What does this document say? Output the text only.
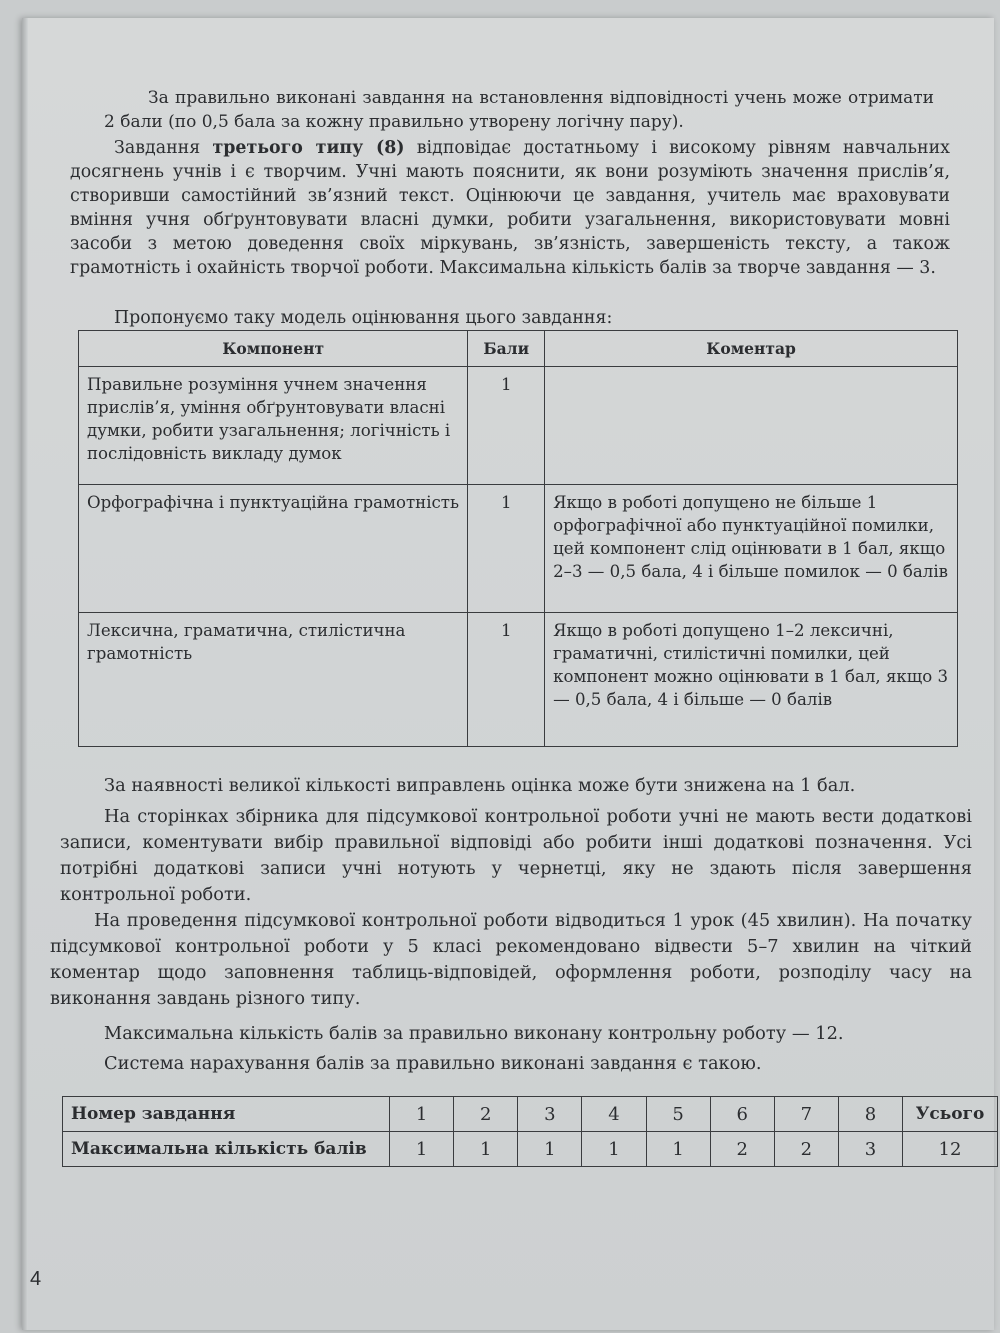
За правильно виконані завдання на встановлення відповідності учень може отримати 2 бали (по 0,5 бала за кожну правильно утворену логічну пару).

Завдання третього типу (8) відповідає достатньому і високому рівням навчальних досягнень учнів і є творчим. Учні мають пояснити, як вони розуміють значення прислів’я, створивши самостійний зв’язний текст. Оцінюючи це завдання, учитель має враховувати вміння учня обґрунтовувати власні думки, робити узагальнення, використовувати мовні засоби з метою доведення своїх міркувань, зв’язність, завершеність тексту, а також грамотність і охайність творчої роботи. Максимальна кількість балів за творче завдання — 3.

Пропонуємо таку модель оцінювання цього завдання:

Компонент	Бали	Коментар
Правильне розуміння учнем значення прислів’я, уміння обґрунтовувати власні думки, робити узагальнення; логічність і послідовність викладу думок	1	
Орфографічна і пунктуаційна грамотність	1	Якщо в роботі допущено не більше 1 орфографічної або пунктуаційної помилки, цей компонент слід оцінювати в 1 бал, якщо 2–3 — 0,5 бала, 4 і більше помилок — 0 балів
Лексична, граматична, стилістична грамотність	1	Якщо в роботі допущено 1–2 лексичні, граматичні, стилістичні помилки, цей компонент можно оцінювати в 1 бал, якщо 3 — 0,5 бала, 4 і більше — 0 балів

За наявності великої кількості виправлень оцінка може бути знижена на 1 бал.

На сторінках збірника для підсумкової контрольної роботи учні не мають вести додаткові записи, коментувати вибір правильної відповіді або робити інші додаткові позначення. Усі потрібні додаткові записи учні нотують у чернетці, яку не здають після завершення контрольної роботи.

На проведення підсумкової контрольної роботи відводиться 1 урок (45 хвилин). На початку підсумкової контрольної роботи у 5 класі рекомендовано відвести 5–7 хвилин на чіткий коментар щодо заповнення таблиць-відповідей, оформлення роботи, розподілу часу на виконання завдань різного типу.

Максимальна кількість балів за правильно виконану контрольну роботу — 12.

Система нарахування балів за правильно виконані завдання є такою.

Номер завдання	1	2	3	4	5	6	7	8	Усього
Максимальна кількість балів	1	1	1	1	1	2	2	3	12
4
